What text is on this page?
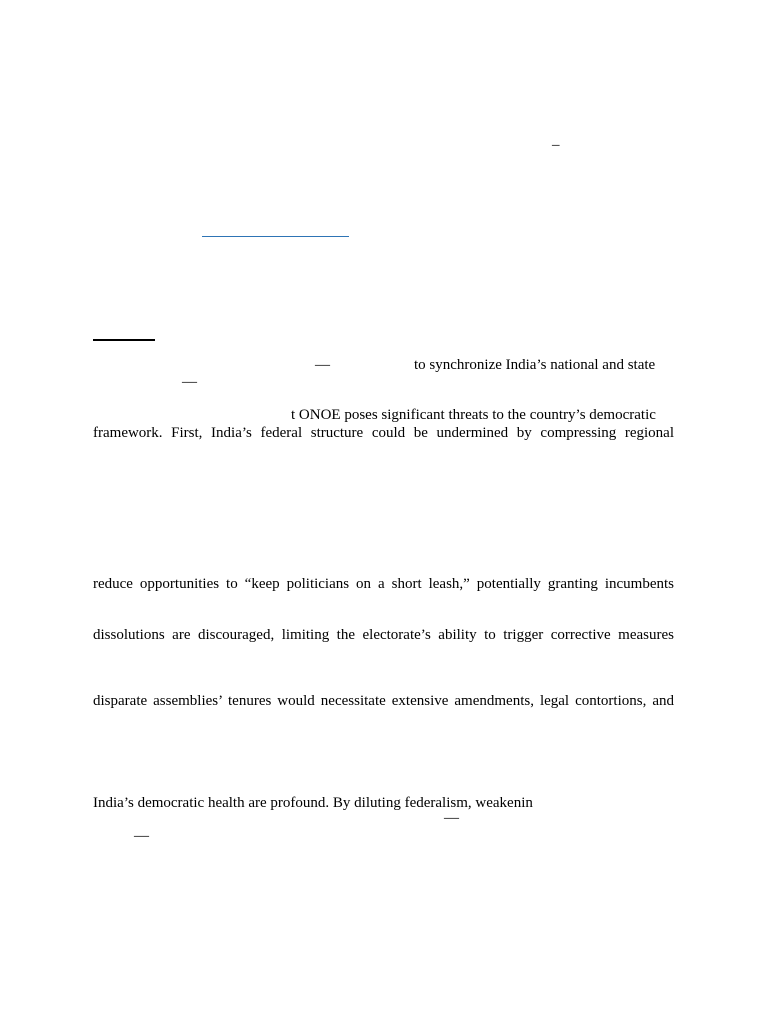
–
—	to synchronize India’s national and state
—
t ONOE poses significant threats to the country’s democratic
framework. First, India’s federal structure could be undermined by compressing regional
reduce opportunities to “keep politicians on a short leash,” potentially granting incumbents
dissolutions are discouraged, limiting the electorate’s ability to trigger corrective measures
disparate assemblies’ tenures would necessitate extensive amendments, legal contortions, and
India’s democratic health are profound. By diluting federalism, weakenin
—
—
